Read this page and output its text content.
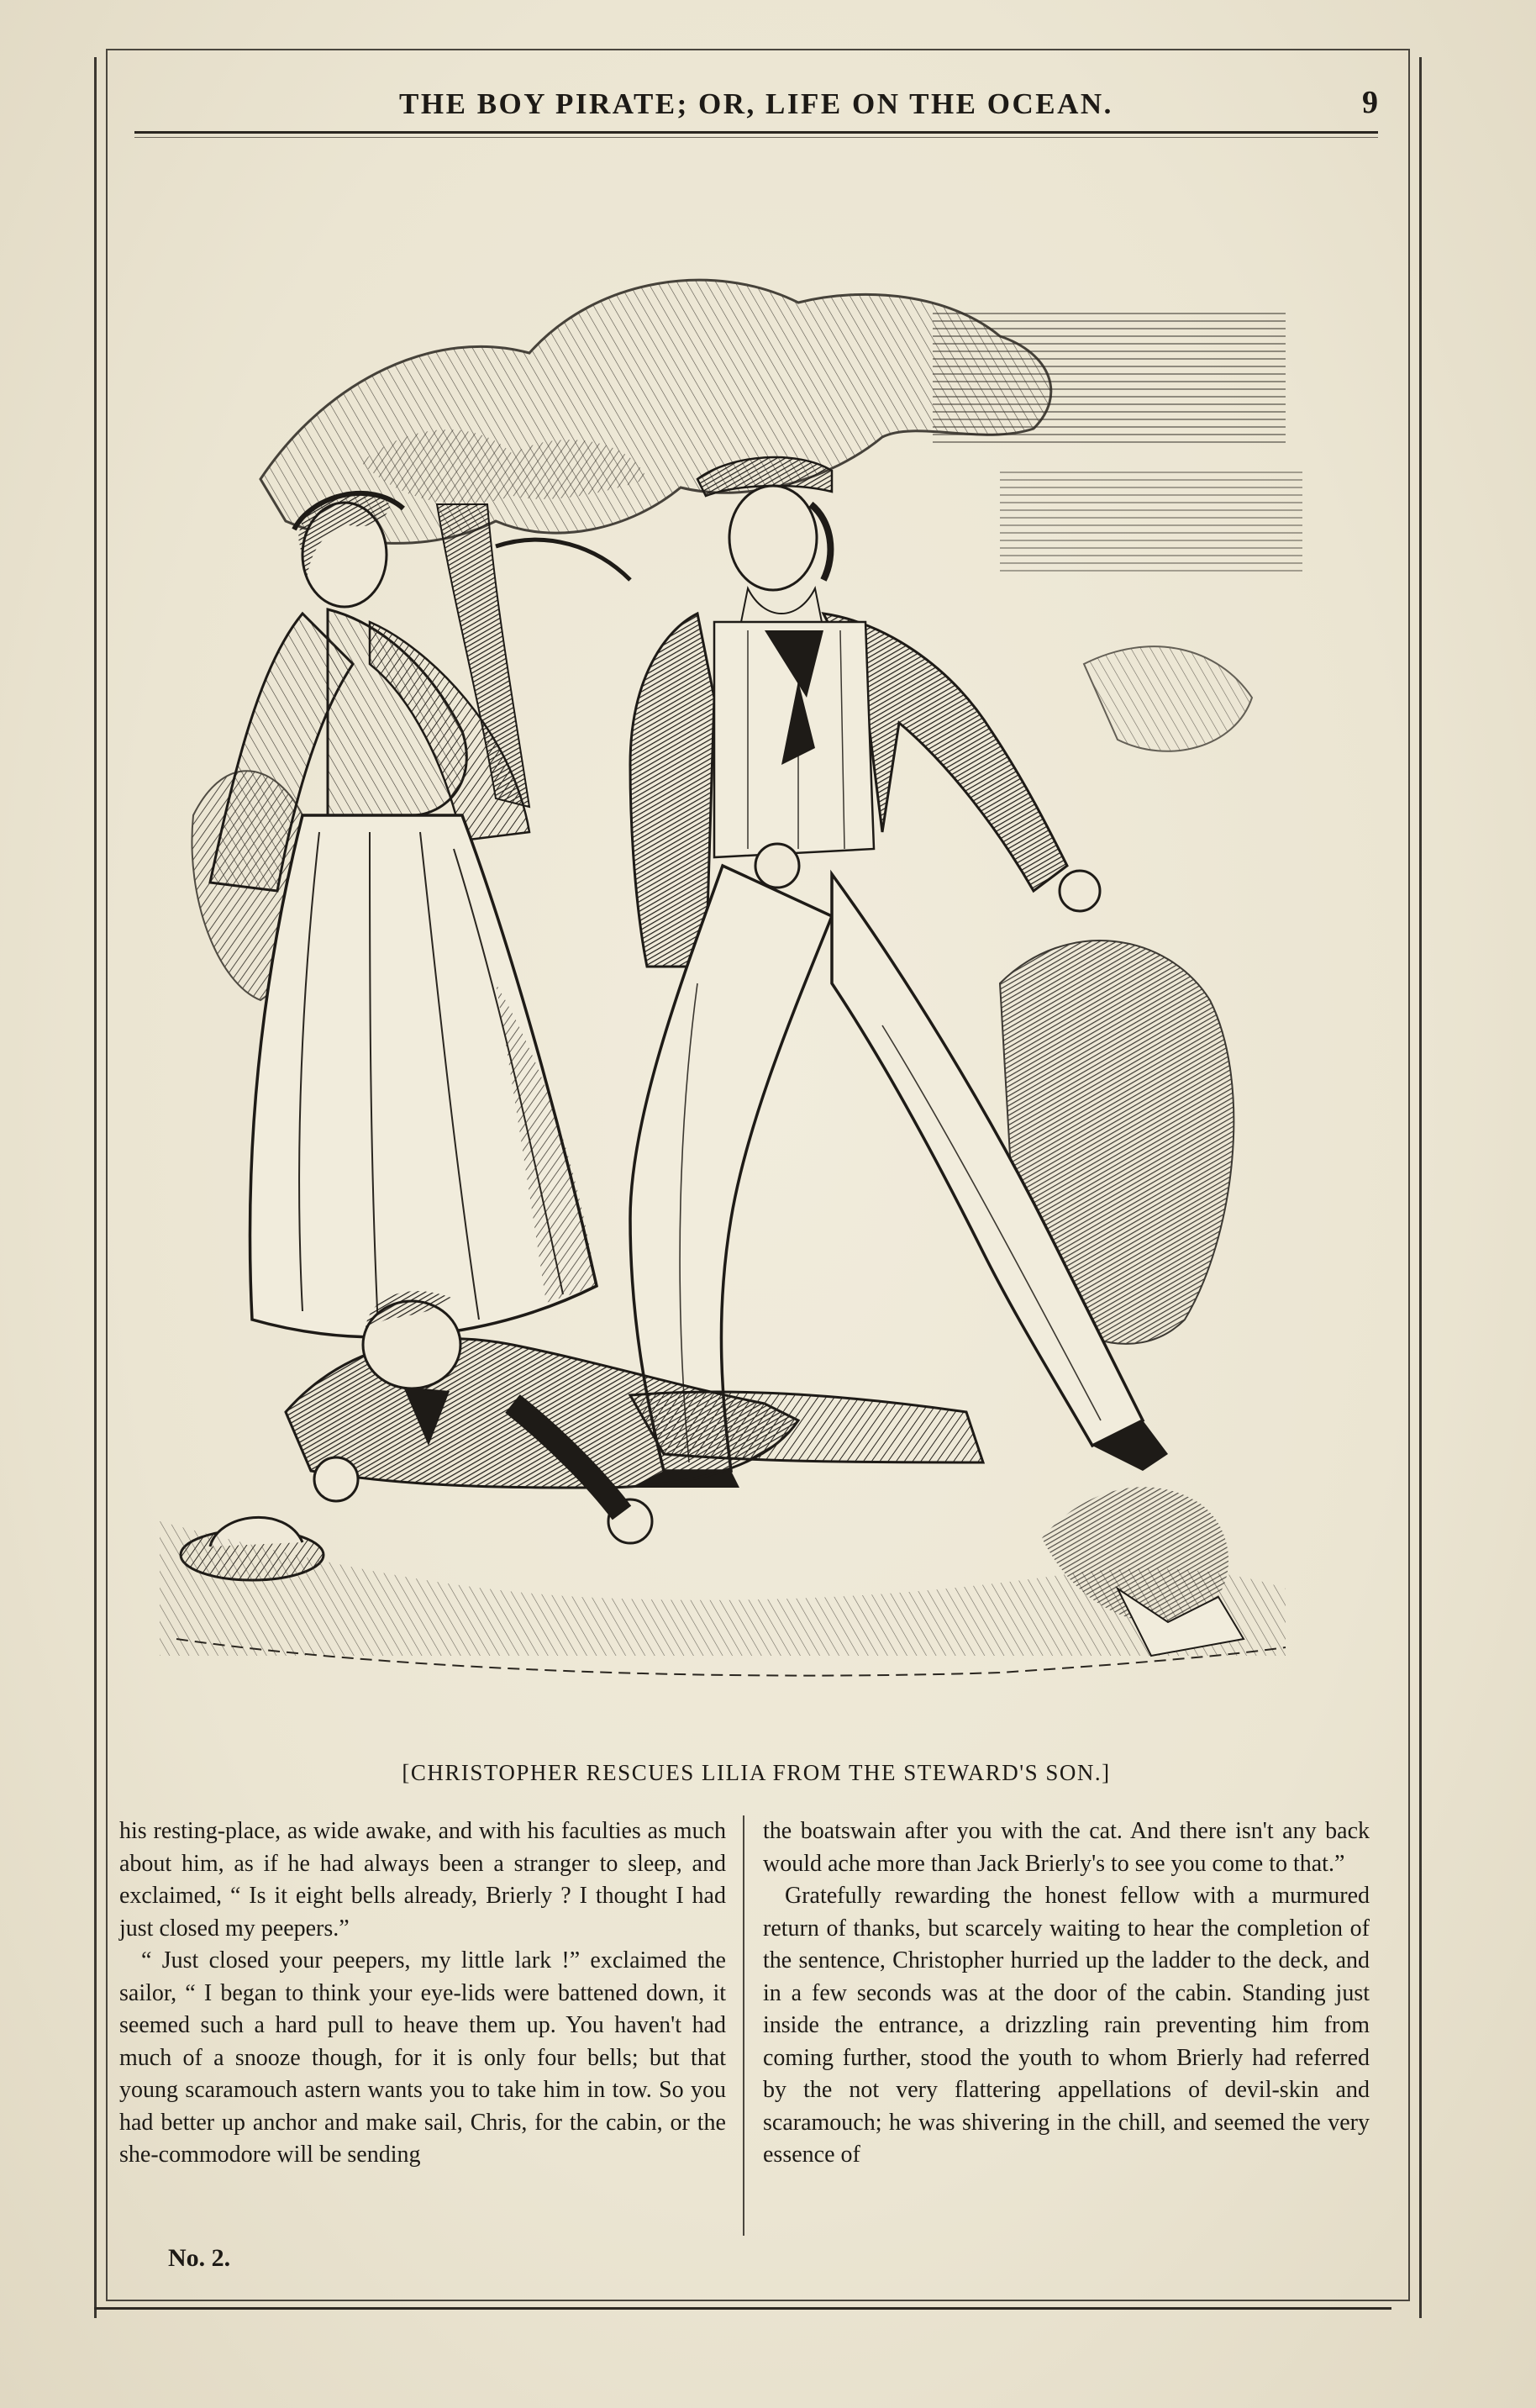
THE BOY PIRATE; OR, LIFE ON THE OCEAN.	9
[CHRISTOPHER RESCUES LILIA FROM THE STEWARD'S SON.]

his resting-place, as wide awake, and with his faculties as much about him, as if he had always been a stranger to sleep, and exclaimed, “ Is it eight bells already, Brierly ? I thought I had just closed my peepers.”

“ Just closed your peepers, my little lark !” exclaimed the sailor, “ I began to think your eye-lids were battened down, it seemed such a hard pull to heave them up. You haven't had much of a snooze though, for it is only four bells; but that young scaramouch astern wants you to take him in tow. So you had better up anchor and make sail, Chris, for the cabin, or the she-commodore will be sending

the boatswain after you with the cat. And there isn't any back would ache more than Jack Brierly's to see you come to that.”

Gratefully rewarding the honest fellow with a murmured return of thanks, but scarcely waiting to hear the completion of the sentence, Christopher hurried up the ladder to the deck, and in a few seconds was at the door of the cabin. Standing just inside the entrance, a drizzling rain preventing him from coming further, stood the youth to whom Brierly had referred by the not very flattering appellations of devil-skin and scaramouch; he was shivering in the chill, and seemed the very essence of

No. 2.
